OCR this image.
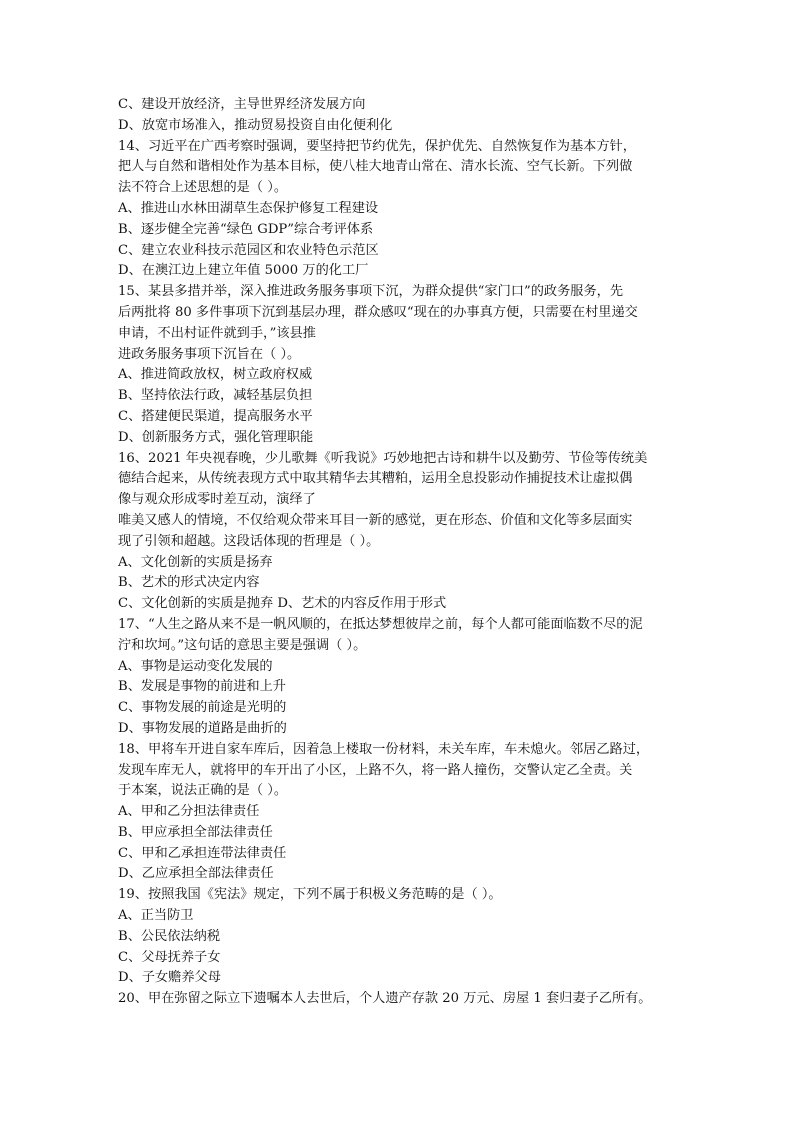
C、建设开放经济，主导世界经济发展方向
D、放宽市场准入，推动贸易投资自由化便利化
14、习近平在广西考察时强调，要坚持把节约优先，保护优先、自然恢复作为基本方针，
把人与自然和谐相处作为基本目标，使八桂大地青山常在、清水长流、空气长新。下列做
法不符合上述思想的是（ ）。
A、推进山水林田湖草生态保护修复工程建设
B、逐步健全完善“绿色 GDP”综合考评体系
C、建立农业科技示范园区和农业特色示范区
D、在澳江边上建立年值 5000 万的化工厂
15、某县多措并举，深入推进政务服务事项下沉，为群众提供“家门口”的政务服务，先
后两批将 80 多件事项下沉到基层办理，群众感叹“现在的办事真方便，只需要在村里递交
申请，不出村证件就到手，”该县推
进政务服务事项下沉旨在（ ）。
A、推进简政放权，树立政府权威
B、坚持依法行政，减轻基层负担
C、搭建便民渠道，提高服务水平
D、创新服务方式，强化管理职能
16、2021 年央视春晚，少儿歌舞《听我说》巧妙地把古诗和耕牛以及勤劳、节俭等传统美
德结合起来，从传统表现方式中取其精华去其糟粕，运用全息投影动作捕捉技术让虚拟偶
像与观众形成零时差互动，演绎了
唯美又感人的情境，不仅给观众带来耳目一新的感觉，更在形态、价值和文化等多层面实
现了引领和超越。这段话体现的哲理是（ ）。
A、文化创新的实质是扬弃
B、艺术的形式决定内容
C、文化创新的实质是抛弃 D、艺术的内容反作用于形式
17、“人生之路从来不是一帆风顺的，在抵达梦想彼岸之前，每个人都可能面临数不尽的泥
泞和坎坷。”这句话的意思主要是强调（ ）。
A、事物是运动变化发展的
B、发展是事物的前进和上升
C、事物发展的前途是光明的
D、事物发展的道路是曲折的
18、甲将车开进自家车库后，因着急上楼取一份材料，未关车库，车未熄火。邻居乙路过，
发现车库无人，就将甲的车开出了小区，上路不久，将一路人撞伤，交警认定乙全责。关
于本案，说法正确的是（ ）。
A、甲和乙分担法律责任
B、甲应承担全部法律责任
C、甲和乙承担连带法律责任
D、乙应承担全部法律责任
19、按照我国《宪法》规定，下列不属于积极义务范畴的是（ ）。
A、正当防卫
B、公民依法纳税
C、父母抚养子女
D、子女赡养父母
20、甲在弥留之际立下遗嘱本人去世后，个人遗产存款 20 万元、房屋 1 套归妻子乙所有。
